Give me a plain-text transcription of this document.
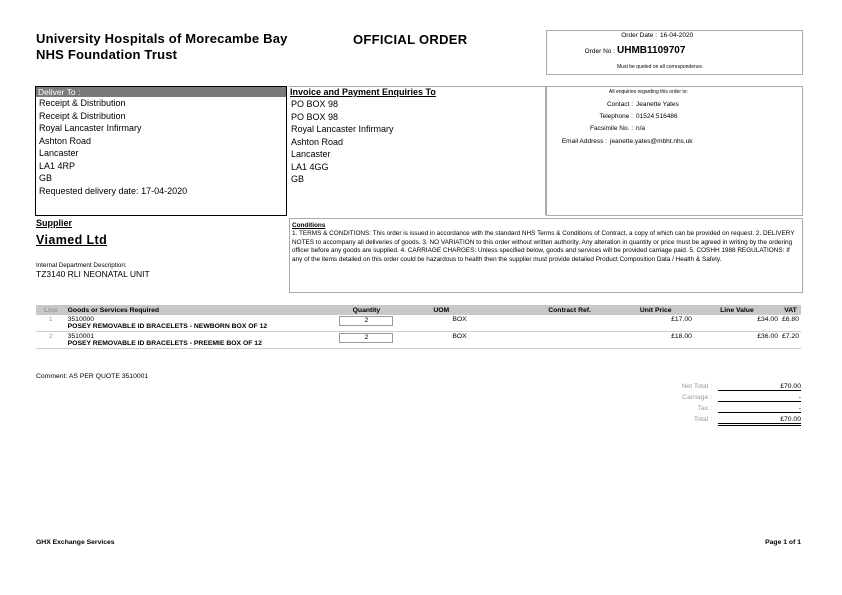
University Hospitals of Morecambe Bay NHS Foundation Trust
OFFICIAL ORDER	Order Date : 16-04-2020
Order No : UHMB1109707
Must be quoted on all correspondence.
Deliver To :
Receipt & Distribution
Receipt & Distribution
Royal Lancaster Infirmary
Ashton Road
Lancaster
LA1 4RP
GB
Requested delivery date: 17-04-2020
Invoice and Payment Enquiries To
PO BOX 98
PO BOX 98
Royal Lancaster Infirmary
Ashton Road
Lancaster
LA1 4GG
GB
All enquiries regarding this order to:
Contact : Jeanette Yates
Telephone : 01524 516486
Facsimile No. : n/a
Email Address : jeanette.yates@mbht.nhs.uk
Supplier
Viamed Ltd
Internal Department Description:
TZ3140 RLI NEONATAL UNIT
Conditions
1. TERMS & CONDITIONS: This order is issued in accordance with the standard NHS Terms & Conditions of Contract, a copy of which can be provided on request. 2. DELIVERY NOTES to accompany all deliveries of goods. 3. NO VARIATION to this order without written authority. Any alteration in quantity or price must be agreed in writing by the ordering officer before any goods are supplied. 4. CARRIAGE CHARGES: Unless specified below, goods and services will be provided carriage paid. 5. COSHH 1988 REGULATIONS: If any of the items detailed on this order could be hazardous to health then the supplier must provide detailed Product Composition Data / Health & Safety.
Line	Goods or Services Required	Quantity	UOM	Contract Ref.	Unit Price	Line Value	VAT
1	3510000
POSEY REMOVABLE ID BRACELETS - NEWBORN BOX OF 12	2	BOX		£17.00	£34.00	£6.80
2	3510001
POSEY REMOVABLE ID BRACELETS - PREEMIE BOX OF 12	2	BOX		£18.00	£36.00	£7.20
Comment: AS PER QUOTE 3510001
Net Total :	£70.00
Carriage :	-
Tax :	-
Total :	£70.00
GHX Exchange Services	Page 1 of 1
